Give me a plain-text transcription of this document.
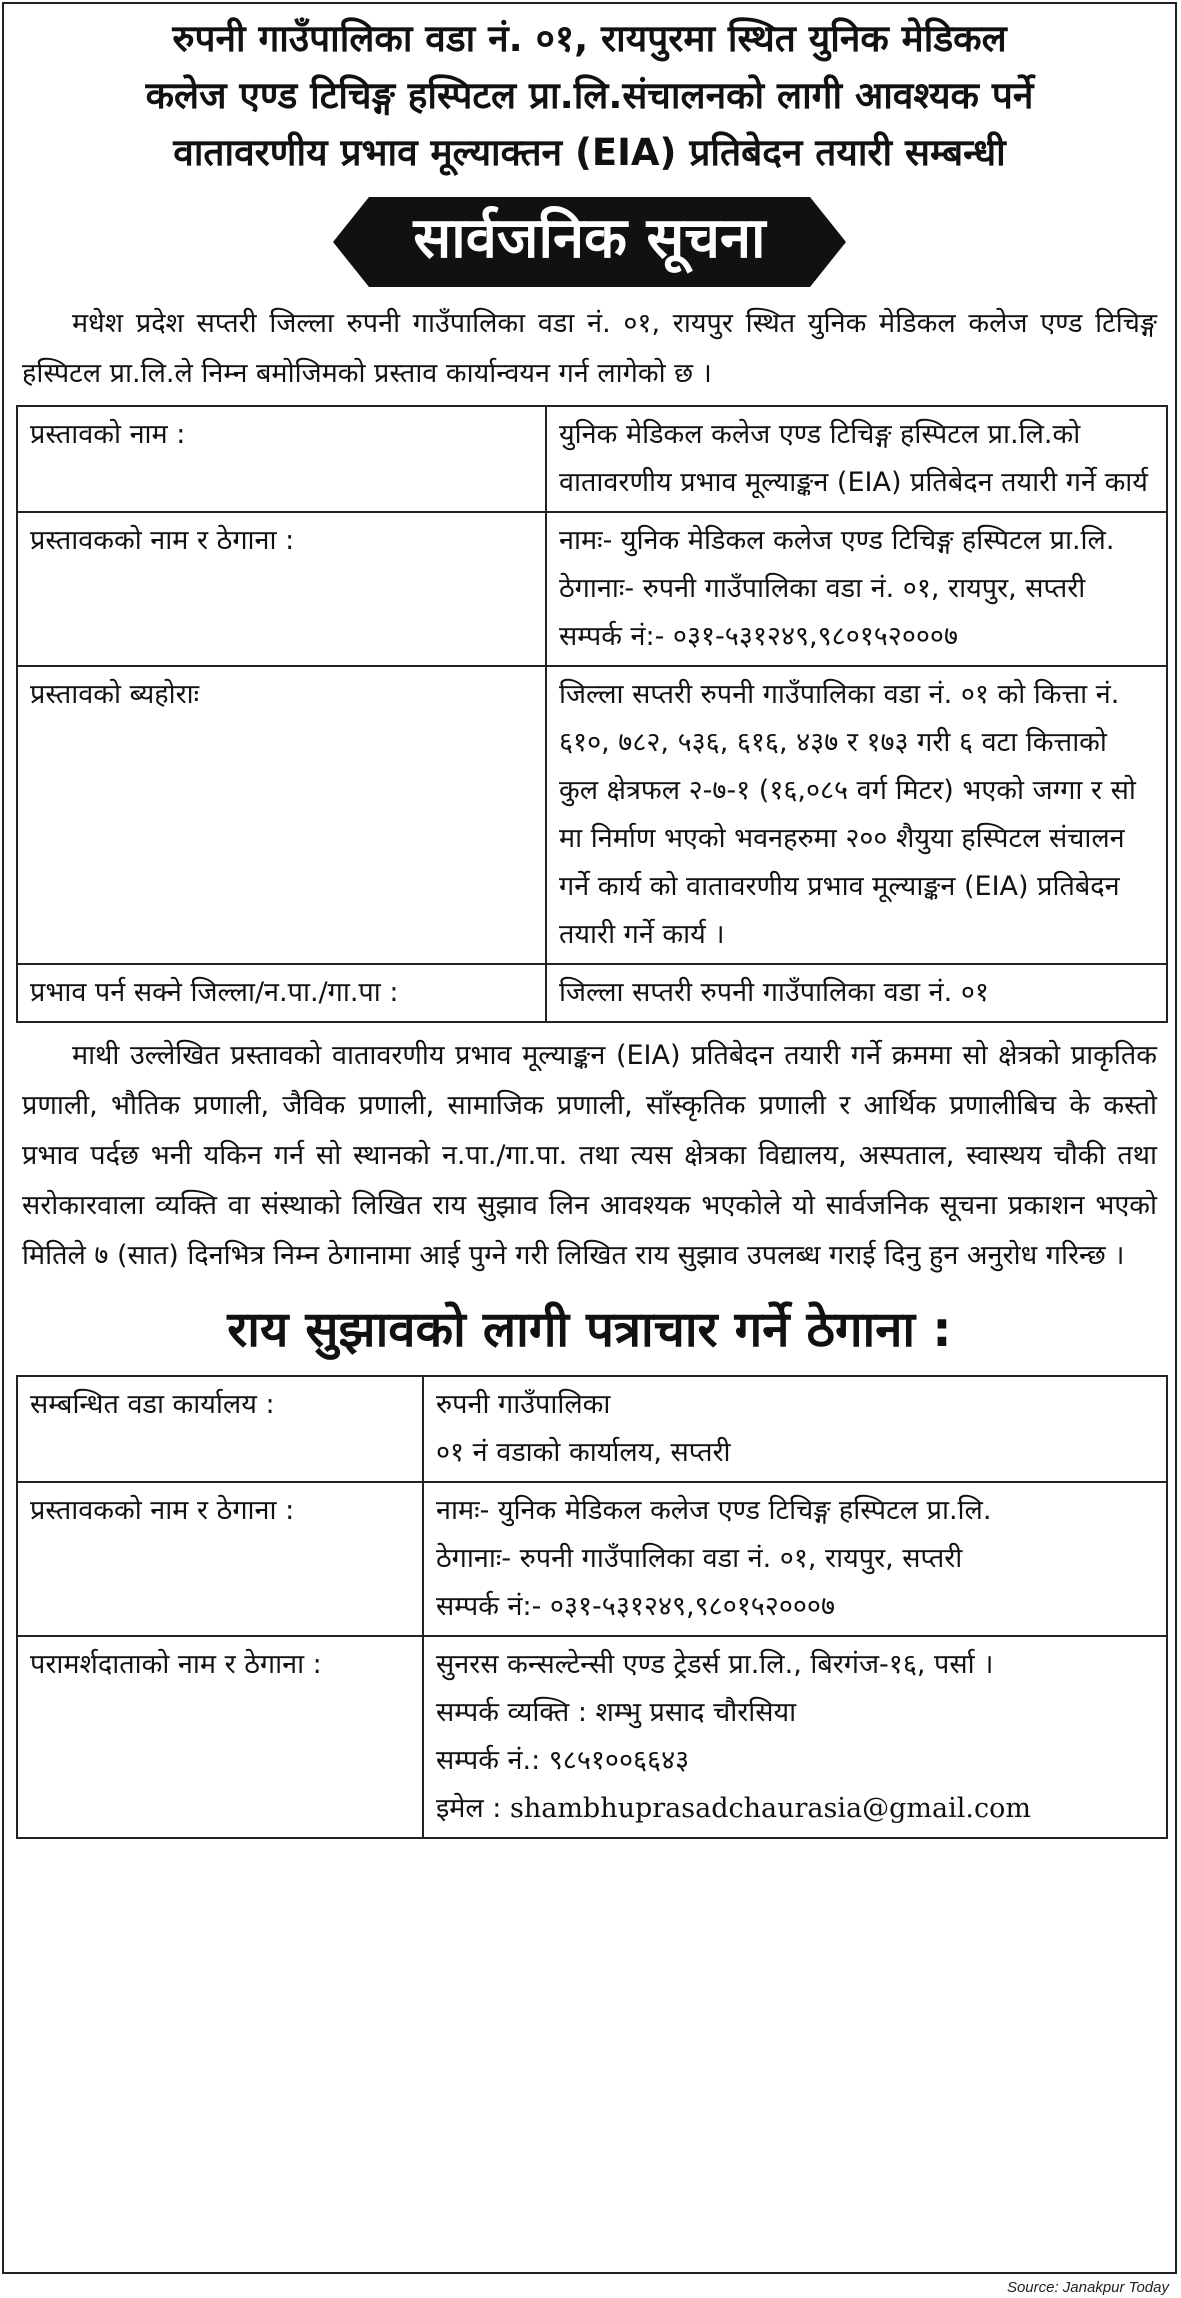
रुपनी गाउँपालिका वडा नं. ०१, रायपुरमा स्थित युनिक मेडिकल
कलेज एण्ड टिचिङ्ग हस्पिटल प्रा.लि.संचालनको लागी आवश्यक पर्ने
वातावरणीय प्रभाव मूल्याक्तन (EIA) प्रतिबेदन तयारी सम्बन्धी
सार्वजनिक सूचना
मधेश प्रदेश सप्तरी जिल्ला रुपनी गाउँपालिका वडा नं. ०१, रायपुर स्थित युनिक मेडिकल कलेज एण्ड टिचिङ्ग हस्पिटल प्रा.लि.ले निम्न बमोजिमको प्रस्ताव कार्यान्वयन गर्न लागेको छ ।
प्रस्तावको नाम :	युनिक मेडिकल कलेज एण्ड टिचिङ्ग हस्पिटल प्रा.लि.को वातावरणीय प्रभाव मूल्याङ्कन (EIA) प्रतिबेदन तयारी गर्ने कार्य

प्रस्तावकको नाम र ठेगाना :	नामः- युनिक मेडिकल कलेज एण्ड टिचिङ्ग हस्पिटल प्रा.लि.
ठेगानाः- रुपनी गाउँपालिका वडा नं. ०१, रायपुर, सप्तरी
सम्पर्क नं:- ०३१-५३१२४९,९८०१५२०००७

प्रस्तावको ब्यहोराः	जिल्ला सप्तरी रुपनी गाउँपालिका वडा नं. ०१ को कित्ता नं. ६१०, ७८२, ५३६, ६१६, ४३७ र १७३ गरी ६ वटा कित्ताको कुल क्षेत्रफल २-७-१ (१६,०८५ वर्ग मिटर) भएको जग्गा र सो मा निर्माण भएको भवनहरुमा २०० शैयुया हस्पिटल संचालन गर्ने कार्य को वातावरणीय प्रभाव मूल्याङ्कन (EIA) प्रतिबेदन तयारी गर्ने कार्य ।

प्रभाव पर्न सक्ने जिल्ला/न.पा./गा.पा :	जिल्ला सप्तरी रुपनी गाउँपालिका वडा नं. ०१
माथी उल्लेखित प्रस्तावको वातावरणीय प्रभाव मूल्याङ्कन (EIA) प्रतिबेदन तयारी गर्ने क्रममा सो क्षेत्रको प्राकृतिक प्रणाली, भौतिक प्रणाली, जैविक प्रणाली, सामाजिक प्रणाली, साँस्कृतिक प्रणाली र आर्थिक प्रणालीबिच के कस्तो प्रभाव पर्दछ भनी यकिन गर्न सो स्थानको न.पा./गा.पा. तथा त्यस क्षेत्रका विद्यालय, अस्पताल, स्वास्थय चौकी तथा सरोकारवाला व्यक्ति वा संस्थाको लिखित राय सुझाव लिन आवश्यक भएकोले यो सार्वजनिक सूचना प्रकाशन भएको मितिले ७ (सात) दिनभित्र निम्न ठेगानामा आई पुग्ने गरी लिखित राय सुझाव उपलब्ध गराई दिनु हुन अनुरोध गरिन्छ ।
राय सुझावको लागी पत्राचार गर्ने ठेगाना :
सम्बन्धित वडा कार्यालय :	रुपनी गाउँपालिका
०१ नं वडाको कार्यालय, सप्तरी

प्रस्तावकको नाम र ठेगाना :	नामः- युनिक मेडिकल कलेज एण्ड टिचिङ्ग हस्पिटल प्रा.लि.
ठेगानाः- रुपनी गाउँपालिका वडा नं. ०१, रायपुर, सप्तरी
सम्पर्क नं:- ०३१-५३१२४९,९८०१५२०००७

परामर्शदाताको नाम र ठेगाना :	सुनरस कन्सल्टेन्सी एण्ड ट्रेडर्स प्रा.लि., बिरगंज-१६, पर्सा ।
सम्पर्क व्यक्ति : शम्भु प्रसाद चौरसिया
सम्पर्क नं.: ९८५१००६६४३
इमेल : shambhuprasadchaurasia@gmail.com
Source: Janakpur Today
